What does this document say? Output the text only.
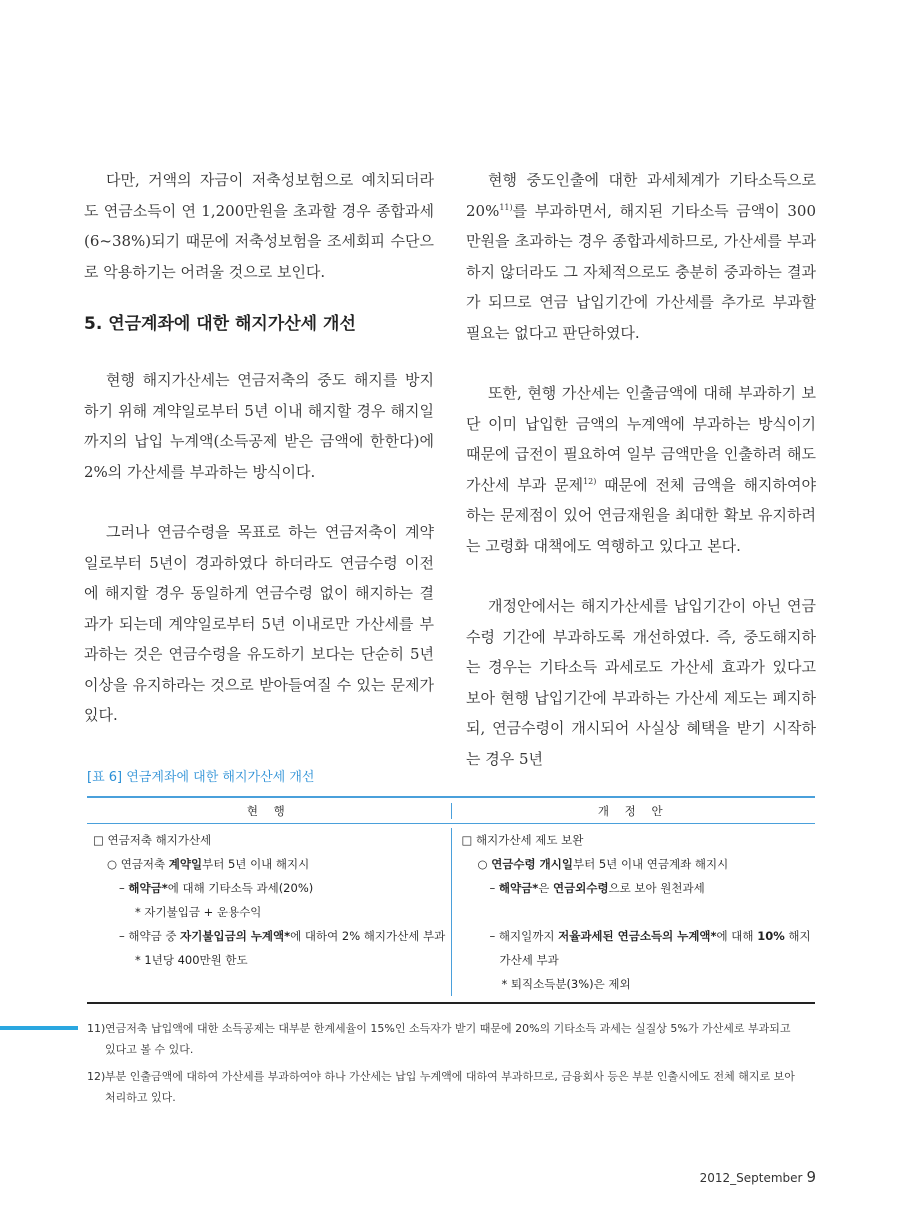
다만, 거액의 자금이 저축성보험으로 예치되더라도 연금소득이 연 1,200만원을 초과할 경우 종합과세(6~38%)되기 때문에 저축성보험을 조세회피 수단으로 악용하기는 어려울 것으로 보인다.

5. 연금계좌에 대한 해지가산세 개선

현행 해지가산세는 연금저축의 중도 해지를 방지하기 위해 계약일로부터 5년 이내 해지할 경우 해지일까지의 납입 누계액(소득공제 받은 금액에 한한다)에 2%의 가산세를 부과하는 방식이다.

그러나 연금수령을 목표로 하는 연금저축이 계약일로부터 5년이 경과하였다 하더라도 연금수령 이전에 해지할 경우 동일하게 연금수령 없이 해지하는 결과가 되는데 계약일로부터 5년 이내로만 가산세를 부과하는 것은 연금수령을 유도하기 보다는 단순히 5년 이상을 유지하라는 것으로 받아들여질 수 있는 문제가 있다.

현행 중도인출에 대한 과세체계가 기타소득으로 20%$^{11)}$를 부과하면서, 해지된 기타소득 금액이 300만원을 초과하는 경우 종합과세하므로, 가산세를 부과하지 않더라도 그 자체적으로도 충분히 중과하는 결과가 되므로 연금 납입기간에 가산세를 추가로 부과할 필요는 없다고 판단하였다.

또한, 현행 가산세는 인출금액에 대해 부과하기 보단 이미 납입한 금액의 누계액에 부과하는 방식이기 때문에 급전이 필요하여 일부 금액만을 인출하려 해도 가산세 부과 문제$^{12)}$ 때문에 전체 금액을 해지하여야 하는 문제점이 있어 연금재원을 최대한 확보 유지하려는 고령화 대책에도 역행하고 있다고 본다.

개정안에서는 해지가산세를 납입기간이 아닌 연금수령 기간에 부과하도록 개선하였다. 즉, 중도해지하는 경우는 기타소득 과세로도 가산세 효과가 있다고 보아 현행 납입기간에 부과하는 가산세 제도는 폐지하되, 연금수령이 개시되어 사실상 혜택을 받기 시작하는 경우 5년

[표 6] 연금계좌에 대한 해지가산세 개선
현 행	개 정 안
□ 연금저축 해지가산세
○ 연금저축 계약일부터 5년 이내 해지시
– 해약금*에 대해 기타소득 과세(20%)
* 자기불입금 + 운용수익
– 해약금 중 자기불입금의 누계액*에 대하여 2% 해지가산세 부과
* 1년당 400만원 한도
□ 해지가산세 제도 보완
○ 연금수령 개시일부터 5년 이내 연금계좌 해지시
– 해약금*은 연금외수령으로 보아 원천과세
– 해지일까지 저율과세된 연금소득의 누계액*에 대해 10% 해지
가산세 부과
* 퇴직소득분(3%)은 제외
11)연금저축 납입액에 대한 소득공제는 대부분 한계세율이 15%인 소득자가 받기 때문에 20%의 기타소득 과세는 실질상 5%가 가산세로 부과되고
있다고 볼 수 있다.
12)부분 인출금액에 대하여 가산세를 부과하여야 하나 가산세는 납입 누계액에 대하여 부과하므로, 금융회사 등은 부분 인출시에도 전체 해지로 보아
처리하고 있다.
2012_September 9
